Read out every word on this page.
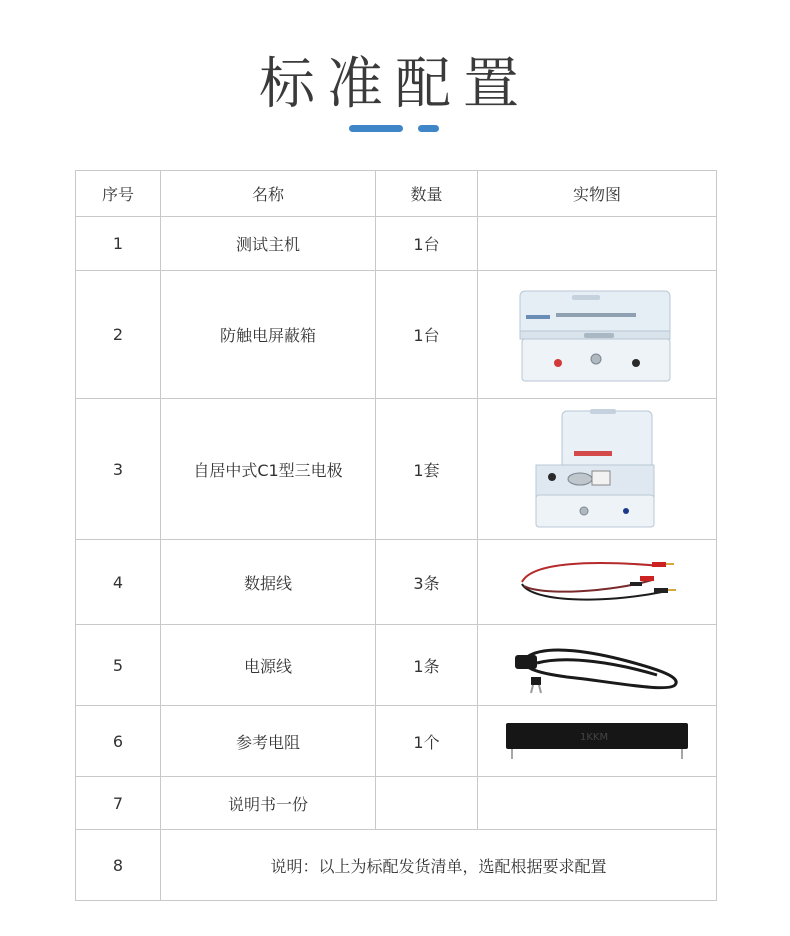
标准配置
序号	名称	数量	实物图
1	测试主机	1台	
2	防触电屏蔽箱	1台	

3	自居中式C1型三电极	1套	

4	数据线	3条	

5	电源线	1条	

6	参考电阻	1个	1KKM

7	说明书一份		
8	说明：以上为标配发货清单，选配根据要求配置		
